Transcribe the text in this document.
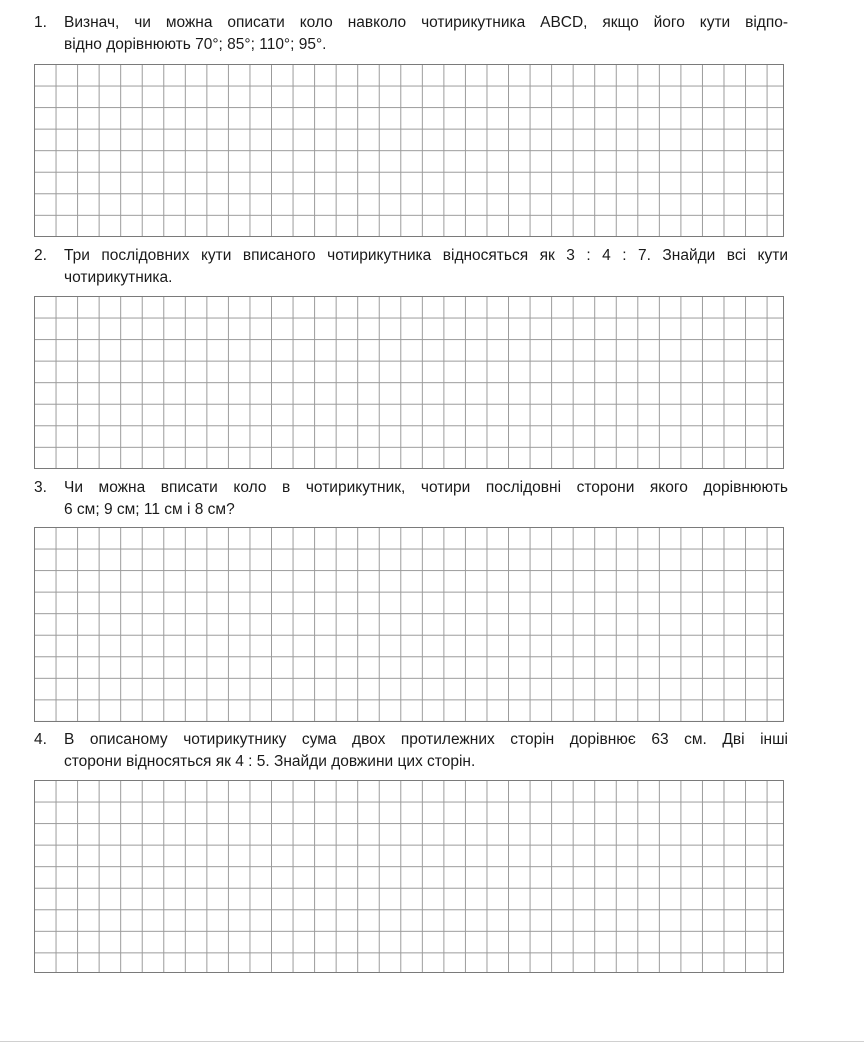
1.	Визнач, чи можна описати коло навколо чотирикутника ABCD, якщо його кути відпо-
відно дорівнюють 70°; 85°; 110°; 95°.
2.	Три послідовних кути вписаного чотирикутника відносяться як 3 : 4 : 7. Знайди всі кути
чотирикутника.
3.	Чи можна вписати коло в чотирикутник, чотири послідовні сторони якого дорівнюють
6 см; 9 см; 11 см і 8 см?
4.	В описаному чотирикутнику сума двох протилежних сторін дорівнює 63 см. Дві інші
сторони відносяться як 4 : 5. Знайди довжини цих сторін.
